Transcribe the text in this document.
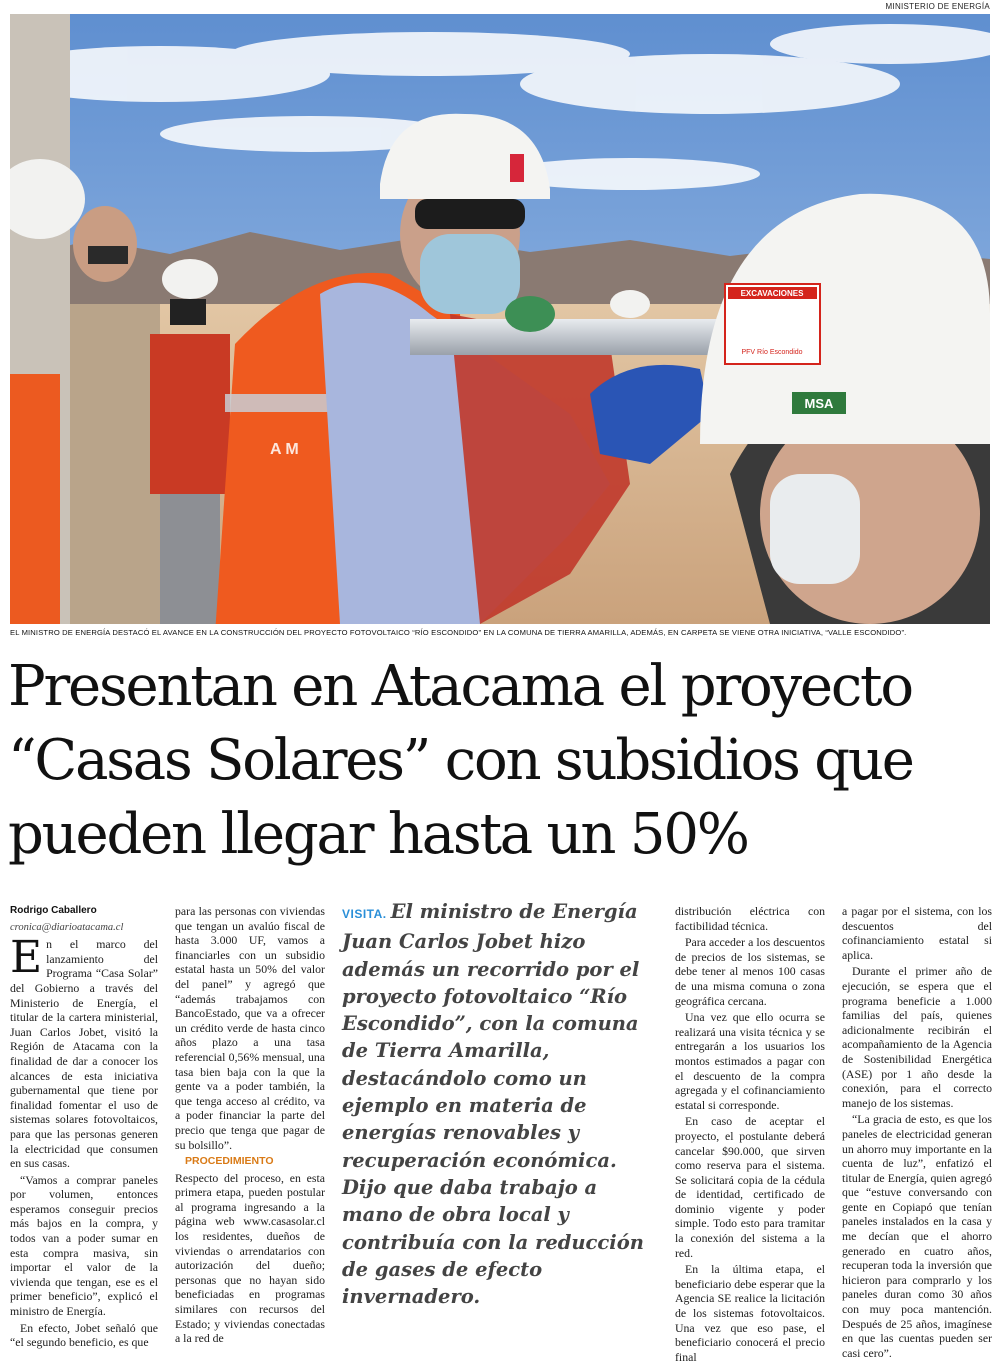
MINISTERIO DE ENERGÍA
EXCAVACIONES
PFV Río Escondido
MSA
A M
EL MINISTRO DE ENERGÍA DESTACÓ EL AVANCE EN LA CONSTRUCCIÓN DEL PROYECTO FOTOVOLTAICO “RÍO ESCONDIDO” EN LA COMUNA DE TIERRA AMARILLA, ADEMÁS, EN CARPETA SE VIENE OTRA INICIATIVA, “VALLE ESCONDIDO”.
Presentan en Atacama el proyecto
“Casas Solares” con subsidios que
pueden llegar hasta un 50%

Rodrigo Caballero

cronica@diarioatacama.cl

En el marco del lanzamiento del Programa “Casa Solar” del Gobierno a través del Ministerio de Energía, el titular de la cartera ministerial, Juan Carlos Jobet, visitó la Región de Atacama con la finalidad de dar a conocer los alcances de esta iniciativa gubernamental que tiene por finalidad fomentar el uso de sistemas solares fotovoltaicos, para que las personas generen la electricidad que consumen en sus casas.

“Vamos a comprar paneles por volumen, entonces esperamos conseguir precios más bajos en la compra, y todos van a poder sumar en esta compra masiva, sin importar el valor de la vivienda que tengan, ese es el primer beneficio”, explicó el ministro de Energía.

En efecto, Jobet señaló que “el segundo beneficio, es que

para las personas con viviendas que tengan un avalúo fiscal de hasta 3.000 UF, vamos a financiarles con un subsidio estatal hasta un 50% del valor del panel” y agregó que “además trabajamos con BancoEstado, que va a ofrecer un crédito verde de hasta cinco años plazo a una tasa referencial 0,56% mensual, una tasa bien baja con la que la gente va a poder también, la que tenga acceso al crédito, va a poder financiar la parte del precio que tenga que pagar de su bolsillo”.

PROCEDIMIENTO

Respecto del proceso, en esta primera etapa, pueden postular al programa ingresando a la página web www.casasolar.cl los residentes, dueños de viviendas o arrendatarios con autorización del dueño; personas que no hayan sido beneficiadas en programas similares con recursos del Estado; y viviendas conectadas a la red de

VISITA. El ministro de Energía Juan Carlos Jobet hizo además un recorrido por el proyecto fotovoltaico “Río Escondido”, con la comuna de Tierra Amarilla, destacándolo como un ejemplo en materia de energías renovables y recuperación económica. Dijo que daba trabajo a mano de obra local y contribuía con la reducción de gases de efecto invernadero.

distribución eléctrica con factibilidad técnica.

Para acceder a los descuentos de precios de los sistemas, se debe tener al menos 100 casas de una misma comuna o zona geográfica cercana.

Una vez que ello ocurra se realizará una visita técnica y se entregarán a los usuarios los montos estimados a pagar con el descuento de la compra agregada y el cofinanciamiento estatal si corresponde.

En caso de aceptar el proyecto, el postulante deberá cancelar $90.000, que sirven como reserva para el sistema. Se solicitará copia de la cédula de identidad, certificado de dominio vigente y poder simple. Todo esto para tramitar la conexión del sistema a la red.

En la última etapa, el beneficiario debe esperar que la Agencia SE realice la licitación de los sistemas fotovoltaicos. Una vez que eso pase, el beneficiario conocerá el precio final

a pagar por el sistema, con los descuentos del cofinanciamiento estatal si aplica.

Durante el primer año de ejecución, se espera que el programa beneficie a 1.000 familias del país, quienes adicionalmente recibirán el acompañamiento de la Agencia de Sostenibilidad Energética (ASE) por 1 año desde la conexión, para el correcto manejo de los sistemas.

“La gracia de esto, es que los paneles de electricidad generan un ahorro muy importante en la cuenta de luz”, enfatizó el titular de Energía, quien agregó que “estuve conversando con gente en Copiapó que tenían paneles instalados en la casa y me decían que el ahorro generado en cuatro años, recuperan toda la inversión que hicieron para comprarlo y los paneles duran como 30 años con muy poca mantención. Después de 25 años, imagínese en que las cuentas pueden ser casi cero”.
